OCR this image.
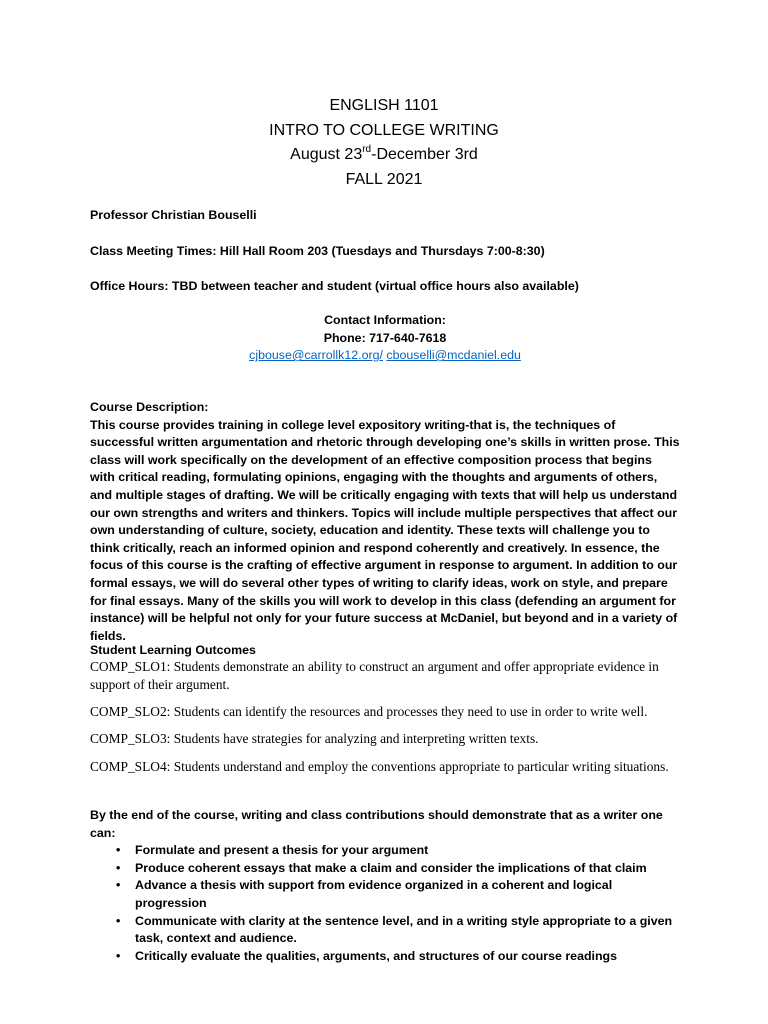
ENGLISH 1101
INTRO TO COLLEGE WRITING
August 23rd-December 3rd
FALL 2021
Professor Christian Bouselli
Class Meeting Times: Hill Hall Room 203 (Tuesdays and Thursdays 7:00-8:30)
Office Hours: TBD between teacher and student (virtual office hours also available)
Contact Information:
Phone: 717-640-7618
cjbouse@carrollk12.org/ cbouselli@mcdaniel.edu
Course Description:
This course provides training in college level expository writing-that is, the techniques of successful written argumentation and rhetoric through developing one’s skills in written prose. This class will work specifically on the development of an effective composition process that begins with critical reading, formulating opinions, engaging with the thoughts and arguments of others, and multiple stages of drafting. We will be critically engaging with texts that will help us understand our own strengths and writers and thinkers. Topics will include multiple perspectives that affect our own understanding of culture, society, education and identity. These texts will challenge you to think critically, reach an informed opinion and respond coherently and creatively. In essence, the focus of this course is the crafting of effective argument in response to argument. In addition to our formal essays, we will do several other types of writing to clarify ideas, work on style, and prepare for final essays. Many of the skills you will work to develop in this class (defending an argument for instance) will be helpful not only for your future success at McDaniel, but beyond and in a variety of fields.
Student Learning Outcomes
COMP_SLO1: Students demonstrate an ability to construct an argument and offer appropriate evidence in support of their argument.
COMP_SLO2: Students can identify the resources and processes they need to use in order to write well.
COMP_SLO3: Students have strategies for analyzing and interpreting written texts.
COMP_SLO4: Students understand and employ the conventions appropriate to particular writing situations.
By the end of the course, writing and class contributions should demonstrate that as a writer one can:
• Formulate and present a thesis for your argument
• Produce coherent essays that make a claim and consider the implications of that claim
• Advance a thesis with support from evidence organized in a coherent and logical progression
• Communicate with clarity at the sentence level, and in a writing style appropriate to a given task, context and audience.
• Critically evaluate the qualities, arguments, and structures of our course readings
